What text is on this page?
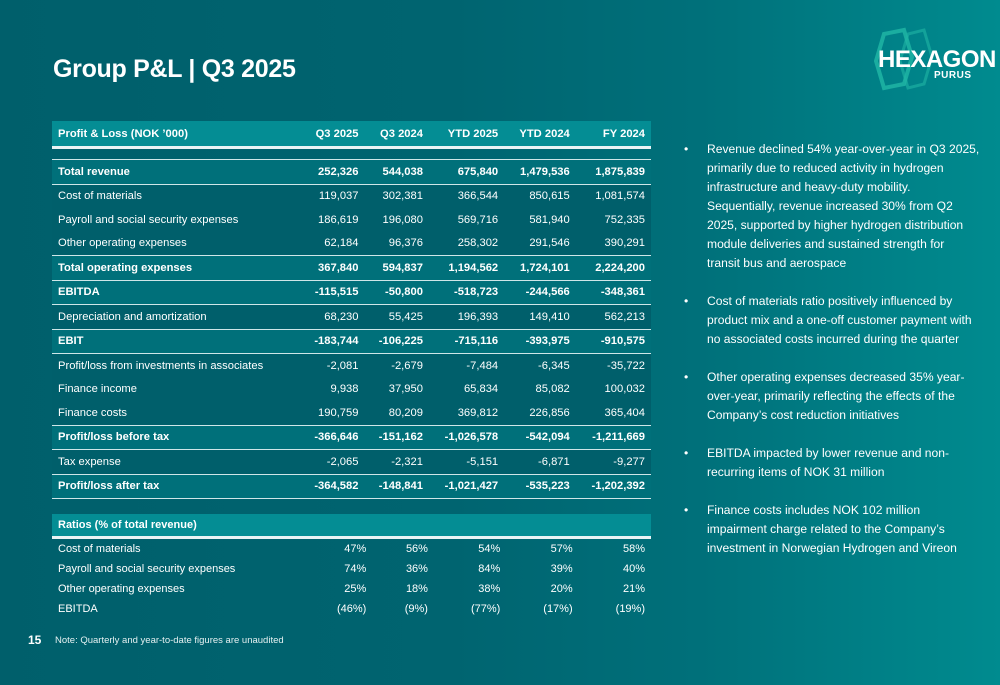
Group P&L | Q3 2025	HEXAGON
PURUS
Profit & Loss (NOK ’000)	Q3 2025	Q3 2024	YTD 2025	YTD 2024	FY 2024

Total revenue	252,326	544,038	675,840	1,479,536	1,875,839
Cost of materials	119,037	302,381	366,544	850,615	1,081,574
Payroll and social security expenses	186,619	196,080	569,716	581,940	752,335
Other operating expenses	62,184	96,376	258,302	291,546	390,291
Total operating expenses	367,840	594,837	1,194,562	1,724,101	2,224,200
EBITDA	-115,515	-50,800	-518,723	-244,566	-348,361
Depreciation and amortization	68,230	55,425	196,393	149,410	562,213
EBIT	-183,744	-106,225	-715,116	-393,975	-910,575
Profit/loss from investments in associates	-2,081	-2,679	-7,484	-6,345	-35,722
Finance income	9,938	37,950	65,834	85,082	100,032
Finance costs	190,759	80,209	369,812	226,856	365,404
Profit/loss before tax	-366,646	-151,162	-1,026,578	-542,094	-1,211,669
Tax expense	-2,065	-2,321	-5,151	-6,871	-9,277
Profit/loss after tax	-364,582	-148,841	-1,021,427	-535,223	-1,202,392
Ratios (% of total revenue)					
Cost of materials	47%	56%	54%	57%	58%
Payroll and social security expenses	74%	36%	84%	39%	40%
Other operating expenses	25%	18%	38%	20%	21%
EBITDA	(46%)	(9%)	(77%)	(17%)	(19%)
• Revenue declined 54% year-over-year in Q3 2025, primarily due to reduced activity in hydrogen infrastructure and heavy-duty mobility. Sequentially, revenue increased 30% from Q2 2025, supported by higher hydrogen distribution module deliveries and sustained strength for transit bus and aerospace
• Cost of materials ratio positively influenced by product mix and a one-off customer payment with no associated costs incurred during the quarter
• Other operating expenses decreased 35% year-over-year, primarily reflecting the effects of the Company’s cost reduction initiatives
• EBITDA impacted by lower revenue and non-recurring items of NOK 31 million
• Finance costs includes NOK 102 million impairment charge related to the Company’s investment in Norwegian Hydrogen and Vireon
15 Note: Quarterly and year-to-date figures are unaudited
